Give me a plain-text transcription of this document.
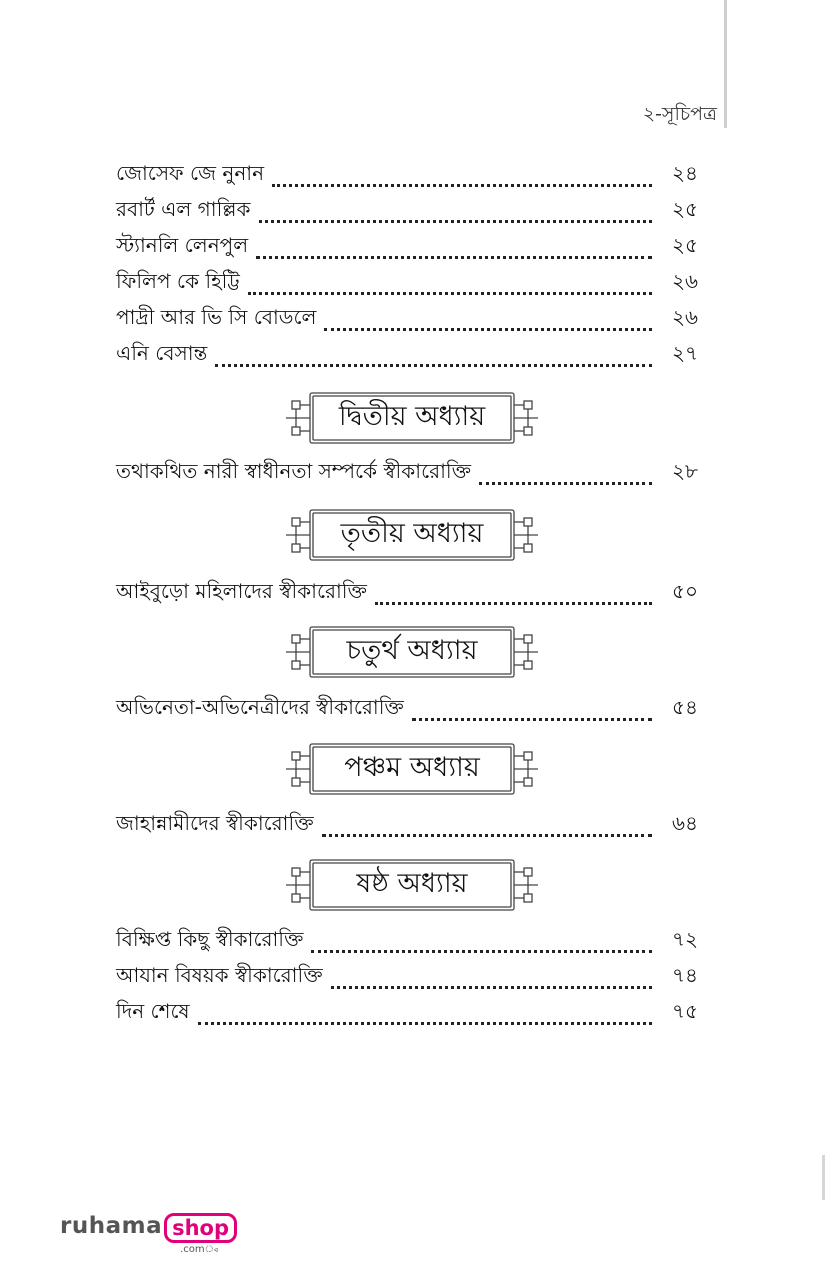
২-সূচিপত্র
জোসেফ জে নুনান	২৪
রবার্ট এল গাল্লিক	২৫
স্ট্যানলি লেনপুল	২৫
ফিলিপ কে হিট্টি	২৬
পাদ্রী আর ভি সি বোডলে	২৬
এনি বেসান্ত	২৭
দ্বিতীয় অধ্যায়
তথাকথিত নারী স্বাধীনতা সম্পর্কে স্বীকারোক্তি	২৮
তৃতীয় অধ্যায়
আইবুড়ো মহিলাদের স্বীকারোক্তি	৫০
চতুর্থ অধ্যায়
অভিনেতা-অভিনেত্রীদের স্বীকারোক্তি	৫৪
পঞ্চম অধ্যায়
জাহান্নামীদের স্বীকারোক্তি	৬৪
ষষ্ঠ অধ্যায়
বিক্ষিপ্ত কিছু স্বীকারোক্তি	৭২
আযান বিষয়ক স্বীকারোক্তি	৭৪
দিন শেষে	৭৫
ruhama shop
.com্ব
